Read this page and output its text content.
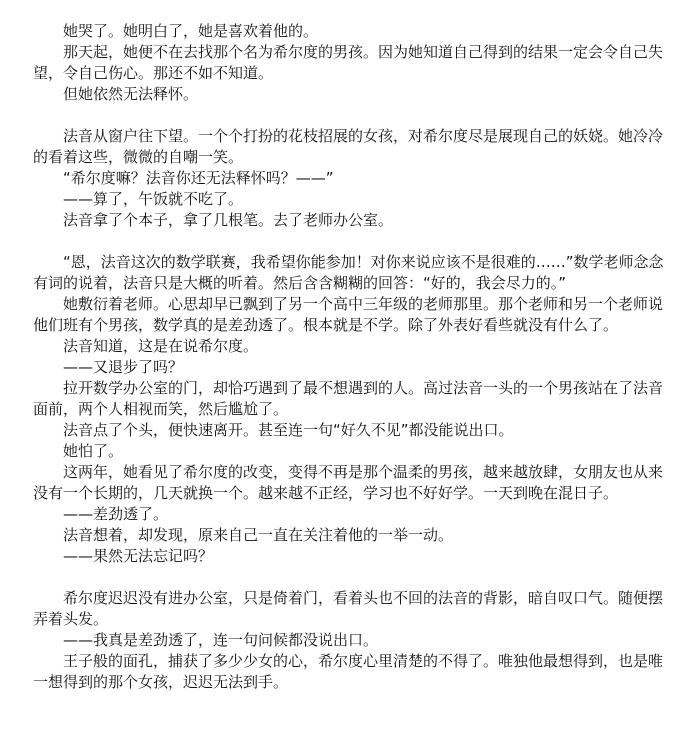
她哭了。她明白了，她是喜欢着他的。

那天起，她便不在去找那个名为希尔度的男孩。因为她知道自己得到的结果一定会令自己失望，令自己伤心。那还不如不知道。

但她依然无法释怀。

法音从窗户往下望。一个个打扮的花枝招展的女孩，对希尔度尽是展现自己的妖娆。她冷冷的看着这些，微微的自嘲一笑。

“希尔度嘛？法音你还无法释怀吗？——”

——算了，午饭就不吃了。

法音拿了个本子，拿了几根笔。去了老师办公室。

“恩，法音这次的数学联赛，我希望你能参加！对你来说应该不是很难的……”数学老师念念有词的说着，法音只是大概的听着。然后含含糊糊的回答：“好的，我会尽力的。”

她敷衍着老师。心思却早已飘到了另一个高中三年级的老师那里。那个老师和另一个老师说他们班有个男孩，数学真的是差劲透了。根本就是不学。除了外表好看些就没有什么了。

法音知道，这是在说希尔度。

——又退步了吗？

拉开数学办公室的门，却恰巧遇到了最不想遇到的人。高过法音一头的一个男孩站在了法音面前，两个人相视而笑，然后尴尬了。

法音点了个头，便快速离开。甚至连一句“好久不见”都没能说出口。

她怕了。

这两年，她看见了希尔度的改变，变得不再是那个温柔的男孩，越来越放肆，女朋友也从来没有一个长期的，几天就换一个。越来越不正经，学习也不好好学。一天到晚在混日子。

——差劲透了。

法音想着，却发现，原来自己一直在关注着他的一举一动。

——果然无法忘记吗？

希尔度迟迟没有进办公室，只是倚着门，看着头也不回的法音的背影，暗自叹口气。随便摆弄着头发。

——我真是差劲透了，连一句问候都没说出口。

王子般的面孔，捕获了多少少女的心，希尔度心里清楚的不得了。唯独他最想得到，也是唯一想得到的那个女孩，迟迟无法到手。
